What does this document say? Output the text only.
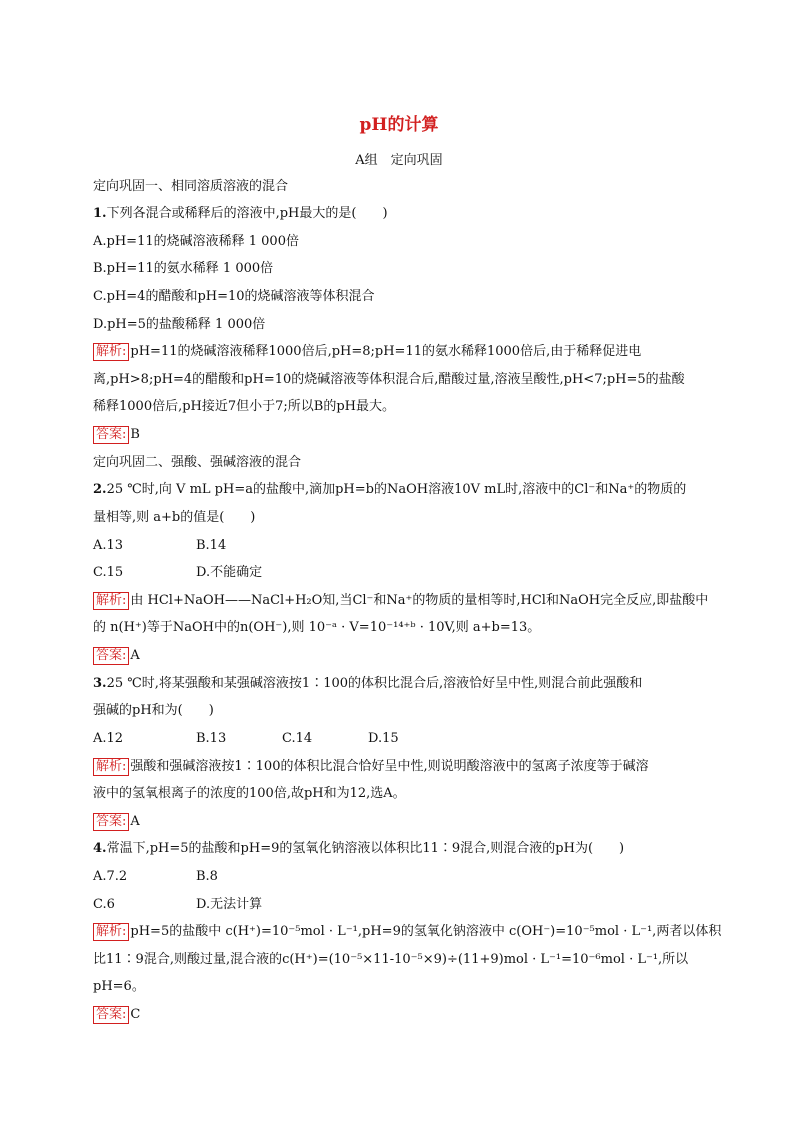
pH的计算
A组　定向巩固
定向巩固一、相同溶质溶液的混合
1.下列各混合或稀释后的溶液中,pH最大的是(　　)
A.pH=11的烧碱溶液稀释 1 000倍
B.pH=11的氨水稀释 1 000倍
C.pH=4的醋酸和pH=10的烧碱溶液等体积混合
D.pH=5的盐酸稀释 1 000倍
解析: pH=11的烧碱溶液稀释1000倍后,pH=8;pH=11的氨水稀释1000倍后,由于稀释促进电
离,pH>8;pH=4的醋酸和pH=10的烧碱溶液等体积混合后,醋酸过量,溶液呈酸性,pH<7;pH=5的盐酸
稀释1000倍后,pH接近7但小于7;所以B的pH最大。
答案: B
定向巩固二、强酸、强碱溶液的混合
2.25 ℃时,向 V mL pH=a的盐酸中,滴加pH=b的NaOH溶液10V mL时,溶液中的Cl⁻和Na⁺的物质的
量相等,则 a+b的值是(　　)
A.13	B.14
C.15	D.不能确定
解析: 由 HCl+NaOH——NaCl+H₂O知,当Cl⁻和Na⁺的物质的量相等时,HCl和NaOH完全反应,即盐酸中
的 n(H⁺)等于NaOH中的n(OH⁻),则 10⁻ᵃ · V=10⁻¹⁴⁺ᵇ · 10V,则 a+b=13。
答案: A
3.25 ℃时,将某强酸和某强碱溶液按1∶100的体积比混合后,溶液恰好呈中性,则混合前此强酸和
强碱的pH和为(　　)
A.12	B.13	C.14	D.15
解析: 强酸和强碱溶液按1∶100的体积比混合恰好呈中性,则说明酸溶液中的氢离子浓度等于碱溶
液中的氢氧根离子的浓度的100倍,故pH和为12,选A。
答案: A
4.常温下,pH=5的盐酸和pH=9的氢氧化钠溶液以体积比11∶9混合,则混合液的pH为(　　)
A.7.2	B.8
C.6	D.无法计算
解析: pH=5的盐酸中 c(H⁺)=10⁻⁵mol · L⁻¹,pH=9的氢氧化钠溶液中 c(OH⁻)=10⁻⁵mol · L⁻¹,两者以体积
比11∶9混合,则酸过量,混合液的c(H⁺)=(10⁻⁵×11-10⁻⁵×9)÷(11+9)mol · L⁻¹=10⁻⁶mol · L⁻¹,所以
pH=6。
答案: C
